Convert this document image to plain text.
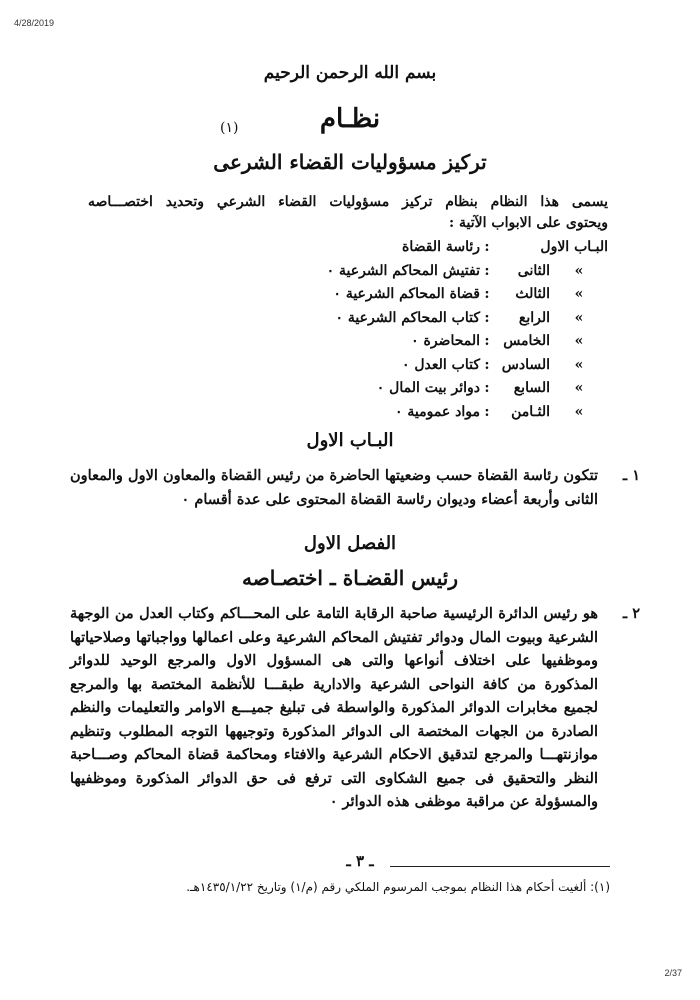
4/28/2019
2/37
بسم الله الرحمن الرحيم
نظـام
(١)
تركيز مسؤوليات القضاء الشرعى
يسمى هذا النظام بنظام تركيز مسؤوليات القضاء الشرعي وتحديد اختصـــاصه
ويحتوى على الابواب الآتية :
البـاب الاول:رئاسة القضاة
»الثانى:تفتيش المحاكم الشرعية ٠
»الثالث:قضاة المحاكم الشرعية ٠
»الرابع:كتاب المحاكم الشرعية ٠
»الخامس:المحاضرة ٠
»السادس:كتاب العدل ٠
»السابع:دوائر بيت المال ٠
»الثـامن:مواد عمومية ٠
البـاب الاول
١ ـ
تتكون رئاسة القضاة حسب وضعيتها الحاضرة من رئيس القضاة والمعاون الاول والمعاون الثانى وأربعة أعضاء وديوان رئاسة القضاة المحتوى على عدة أقسام ٠
الفصل الاول
رئيس القضـاة ـ اختصـاصه
٢ ـ
هو رئيس الدائرة الرئيسية صاحبة الرقابة التامة على المحـــاكم وكتاب العدل من الوجهة الشرعية وبيوت المال ودوائر تفتيش المحاكم الشرعية وعلى اعمالها وواجباتها وصلاحياتها وموظفيها على اختلاف أنواعها والتى هى المسؤول الاول والمرجع الوحيد للدوائر المذكورة من كافة النواحى الشرعية والادارية طبقـــا للأنظمة المختصة بها والمرجع لجميع مخابرات الدوائر المذكورة والواسطة فى تبليغ جميـــع الاوامر والتعليمات والنظم الصادرة من الجهات المختصة الى الدوائر المذكورة وتوجيهها التوجه المطلوب وتنظيم موازنتهـــا والمرجع لتدقيق الاحكام الشرعية والافتاء ومحاكمة قضاة المحاكم وصـــاحبة النظر والتحقيق فى جميع الشكاوى التى ترفع فى حق الدوائر المذكورة وموظفيها والمسؤولة عن مراقبة موظفى هذه الدوائر ٠
ـ ٣ ـ
(١): ألغيت أحكام هذا النظام بموجب المرسوم الملكي رقم (م/١) وتاريخ ١٤٣٥/١/٢٢هـ.
